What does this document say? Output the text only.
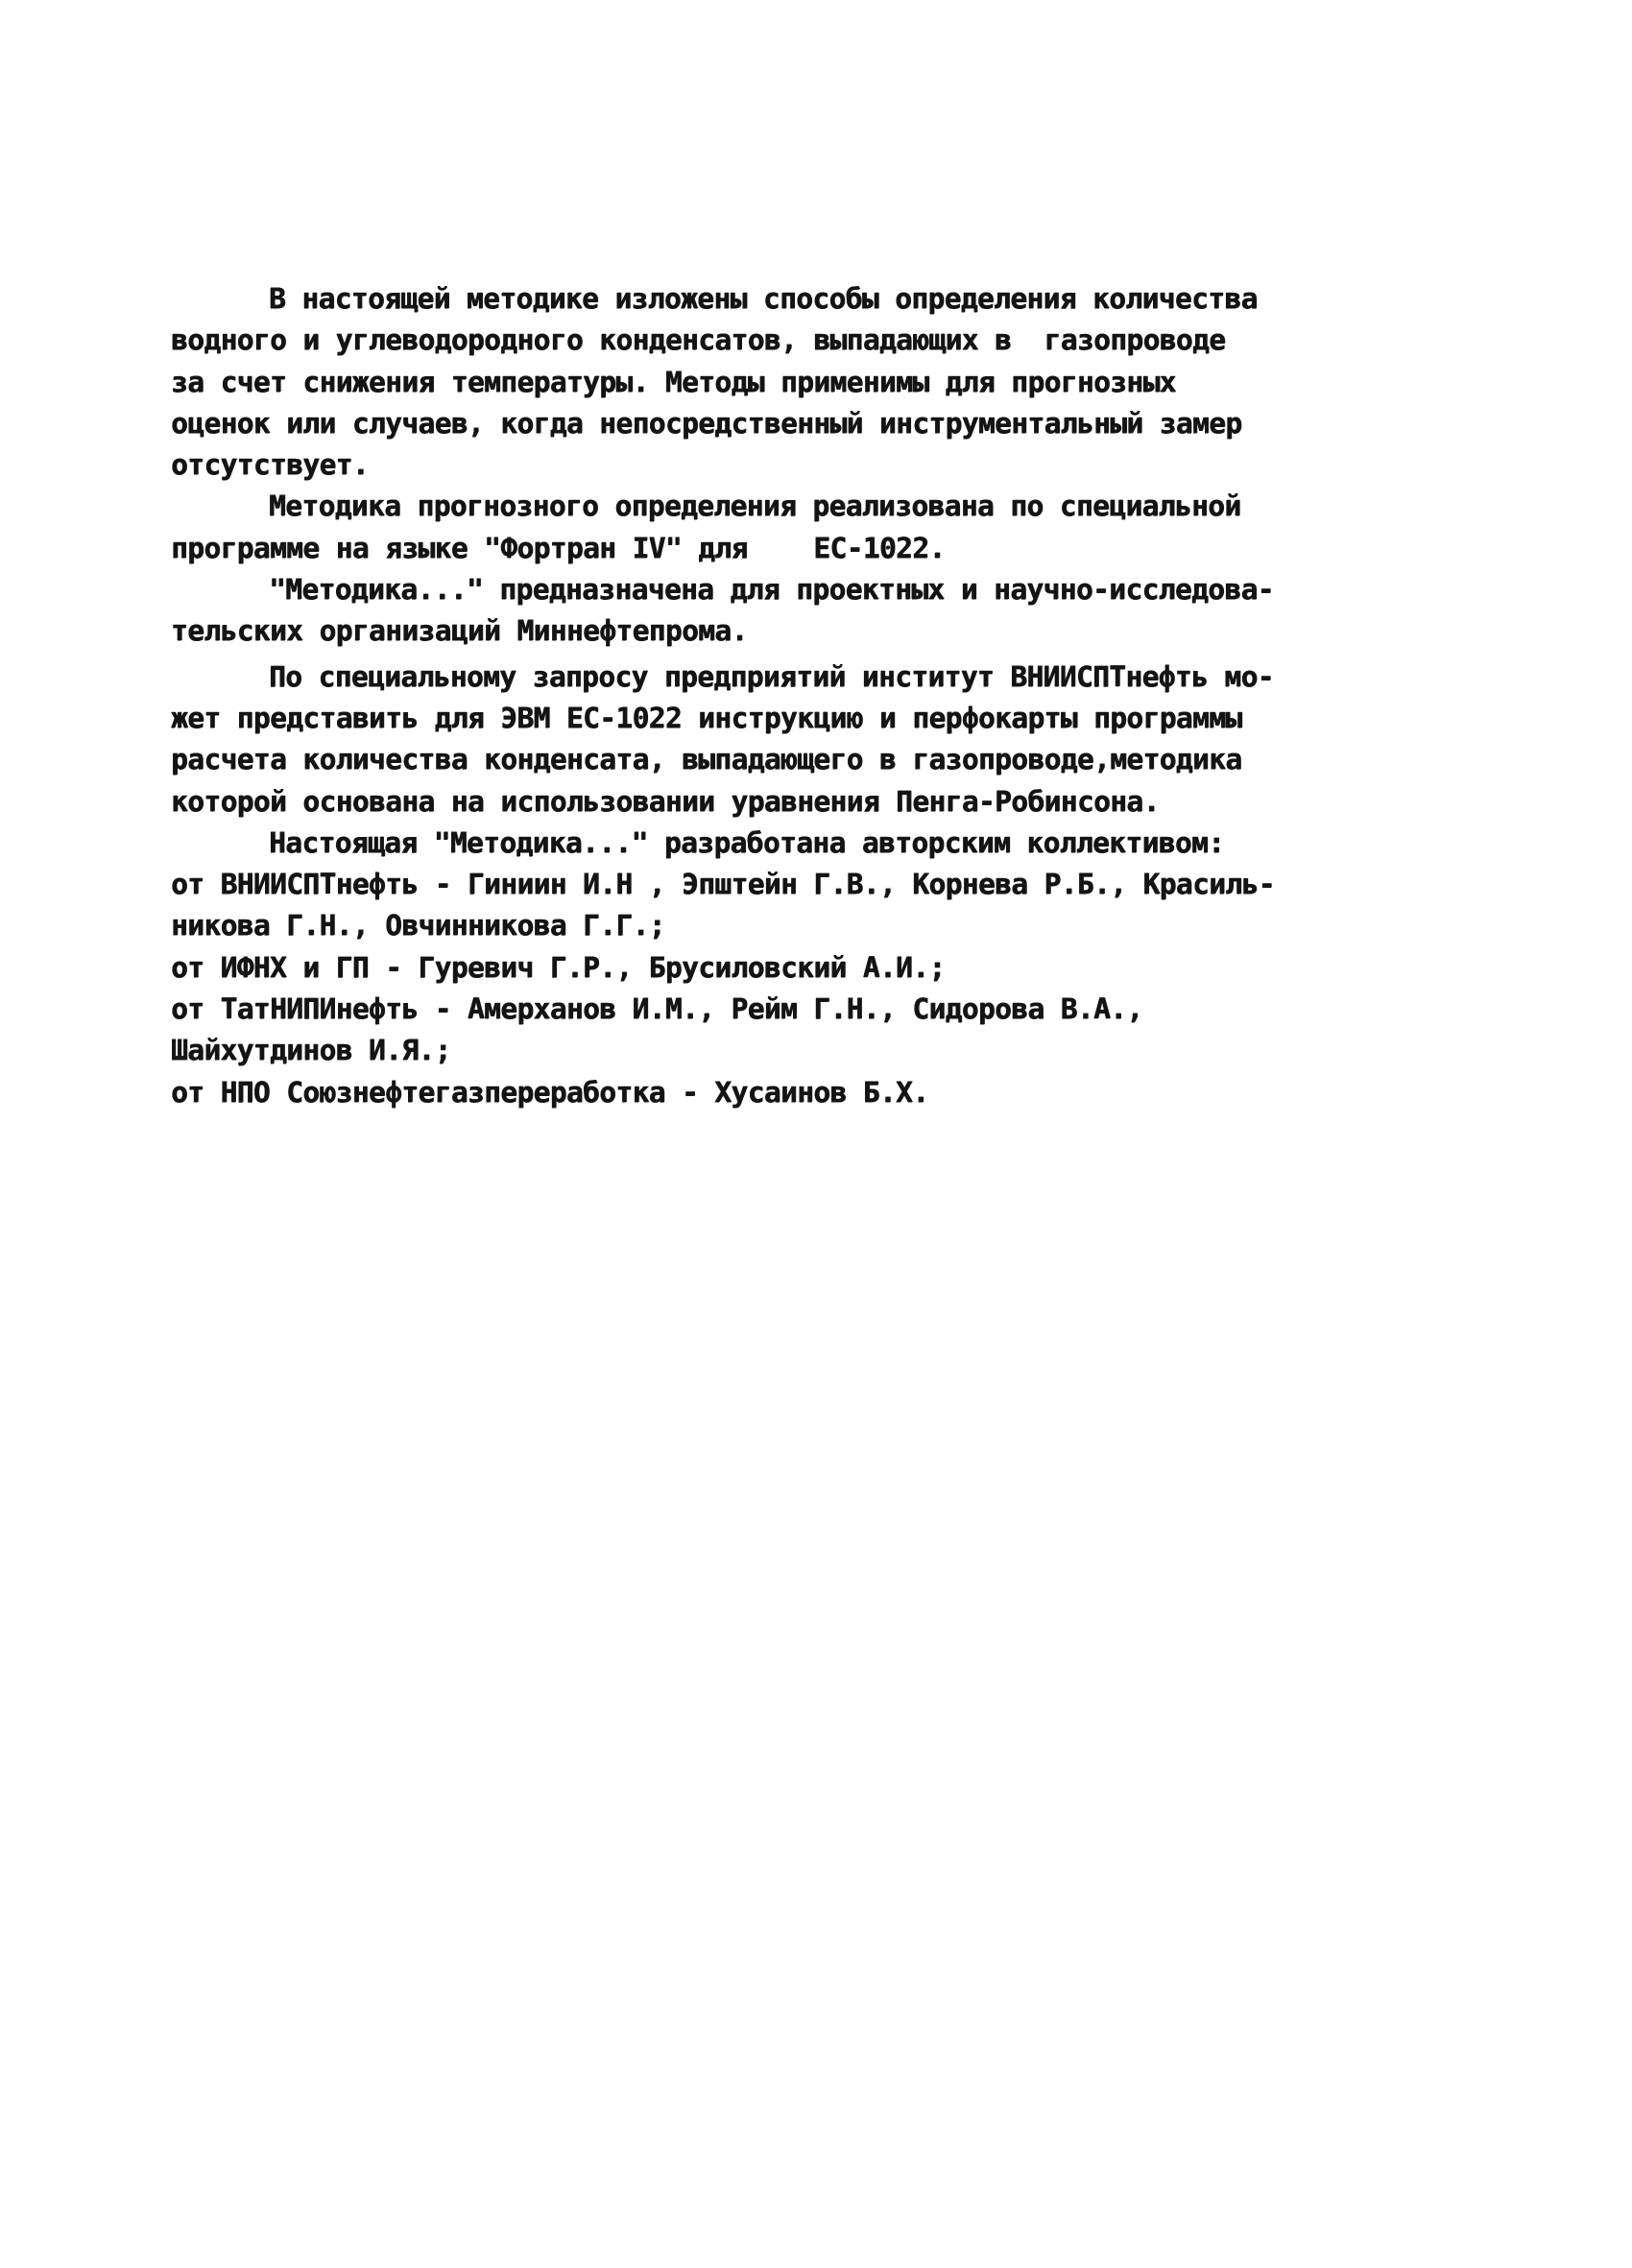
В настоящей методике изложены способы определения количества
водного и углеводородного конденсатов, выпадающих в  газопроводе
за счет снижения температуры. Методы применимы для прогнозных
оценок или случаев, когда непосредственный инструментальный замер
отсутствует.
Методика прогнозного определения реализована по специальной
программе на языке "Фортран IV" для    ЕС-1022.
"Методика..." предназначена для проектных и научно-исследова-
тельских организаций Миннефтепрома.
По специальному запросу предприятий институт ВНИИСПТнефть мо-
жет представить для ЭВМ ЕС-1022 инструкцию и перфокарты программы
расчета количества конденсата, выпадающего в газопроводе,методика
которой основана на использовании уравнения Пенга-Робинсона.
Настоящая "Методика..." разработана авторским коллективом:
от ВНИИСПТнефть - Гиниин И.Н , Эпштейн Г.В., Корнева Р.Б., Красиль-
никова Г.Н., Овчинникова Г.Г.;
от ИФНХ и ГП - Гуревич Г.Р., Брусиловский А.И.;
от ТатНИПИнефть - Амерханов И.М., Рейм Г.Н., Сидорова В.А.,
Шайхутдинов И.Я.;
от НПО Союзнефтегазпереработка - Хусаинов Б.Х.
